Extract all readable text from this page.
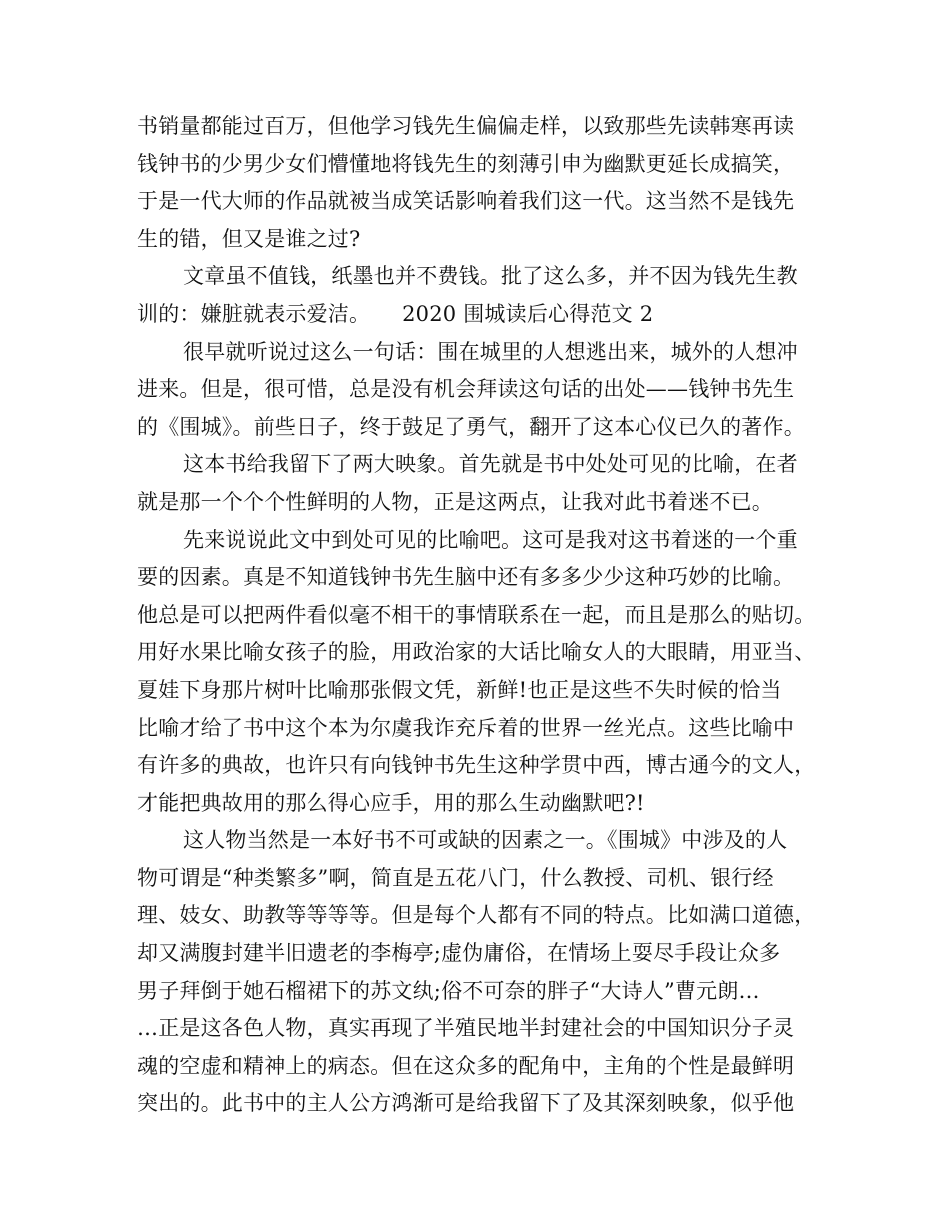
书销量都能过百万，但他学习钱先生偏偏走样，以致那些先读韩寒再读
钱钟书的少男少女们懵懂地将钱先生的刻薄引申为幽默更延长成搞笑，
于是一代大师的作品就被当成笑话影响着我们这一代。这当然不是钱先
生的错，但又是谁之过?
文章虽不值钱，纸墨也并不费钱。批了这么多，并不因为钱先生教
训的：嫌脏就表示爱洁。　　2020 围城读后心得范文 2
很早就听说过这么一句话：围在城里的人想逃出来，城外的人想冲
进来。但是，很可惜，总是没有机会拜读这句话的出处——钱钟书先生
的《围城》。前些日子，终于鼓足了勇气，翻开了这本心仪已久的著作。
这本书给我留下了两大映象。首先就是书中处处可见的比喻，在者
就是那一个个个性鲜明的人物，正是这两点，让我对此书着迷不已。
先来说说此文中到处可见的比喻吧。这可是我对这书着迷的一个重
要的因素。真是不知道钱钟书先生脑中还有多多少少这种巧妙的比喻。
他总是可以把两件看似毫不相干的事情联系在一起，而且是那么的贴切。
用好水果比喻女孩子的脸，用政治家的大话比喻女人的大眼睛，用亚当、
夏娃下身那片树叶比喻那张假文凭，新鲜!也正是这些不失时候的恰当
比喻才给了书中这个本为尔虞我诈充斥着的世界一丝光点。这些比喻中
有许多的典故，也许只有向钱钟书先生这种学贯中西，博古通今的文人，
才能把典故用的那么得心应手，用的那么生动幽默吧?!
这人物当然是一本好书不可或缺的因素之一。《围城》中涉及的人
物可谓是“种类繁多”啊，简直是五花八门，什么教授、司机、银行经
理、妓女、助教等等等等。但是每个人都有不同的特点。比如满口道德，
却又满腹封建半旧遗老的李梅亭;虚伪庸俗，在情场上耍尽手段让众多
男子拜倒于她石榴裙下的苏文纨;俗不可奈的胖子“大诗人”曹元朗…
…正是这各色人物，真实再现了半殖民地半封建社会的中国知识分子灵
魂的空虚和精神上的病态。但在这众多的配角中，主角的个性是最鲜明
突出的。此书中的主人公方鸿渐可是给我留下了及其深刻映象，似乎他
